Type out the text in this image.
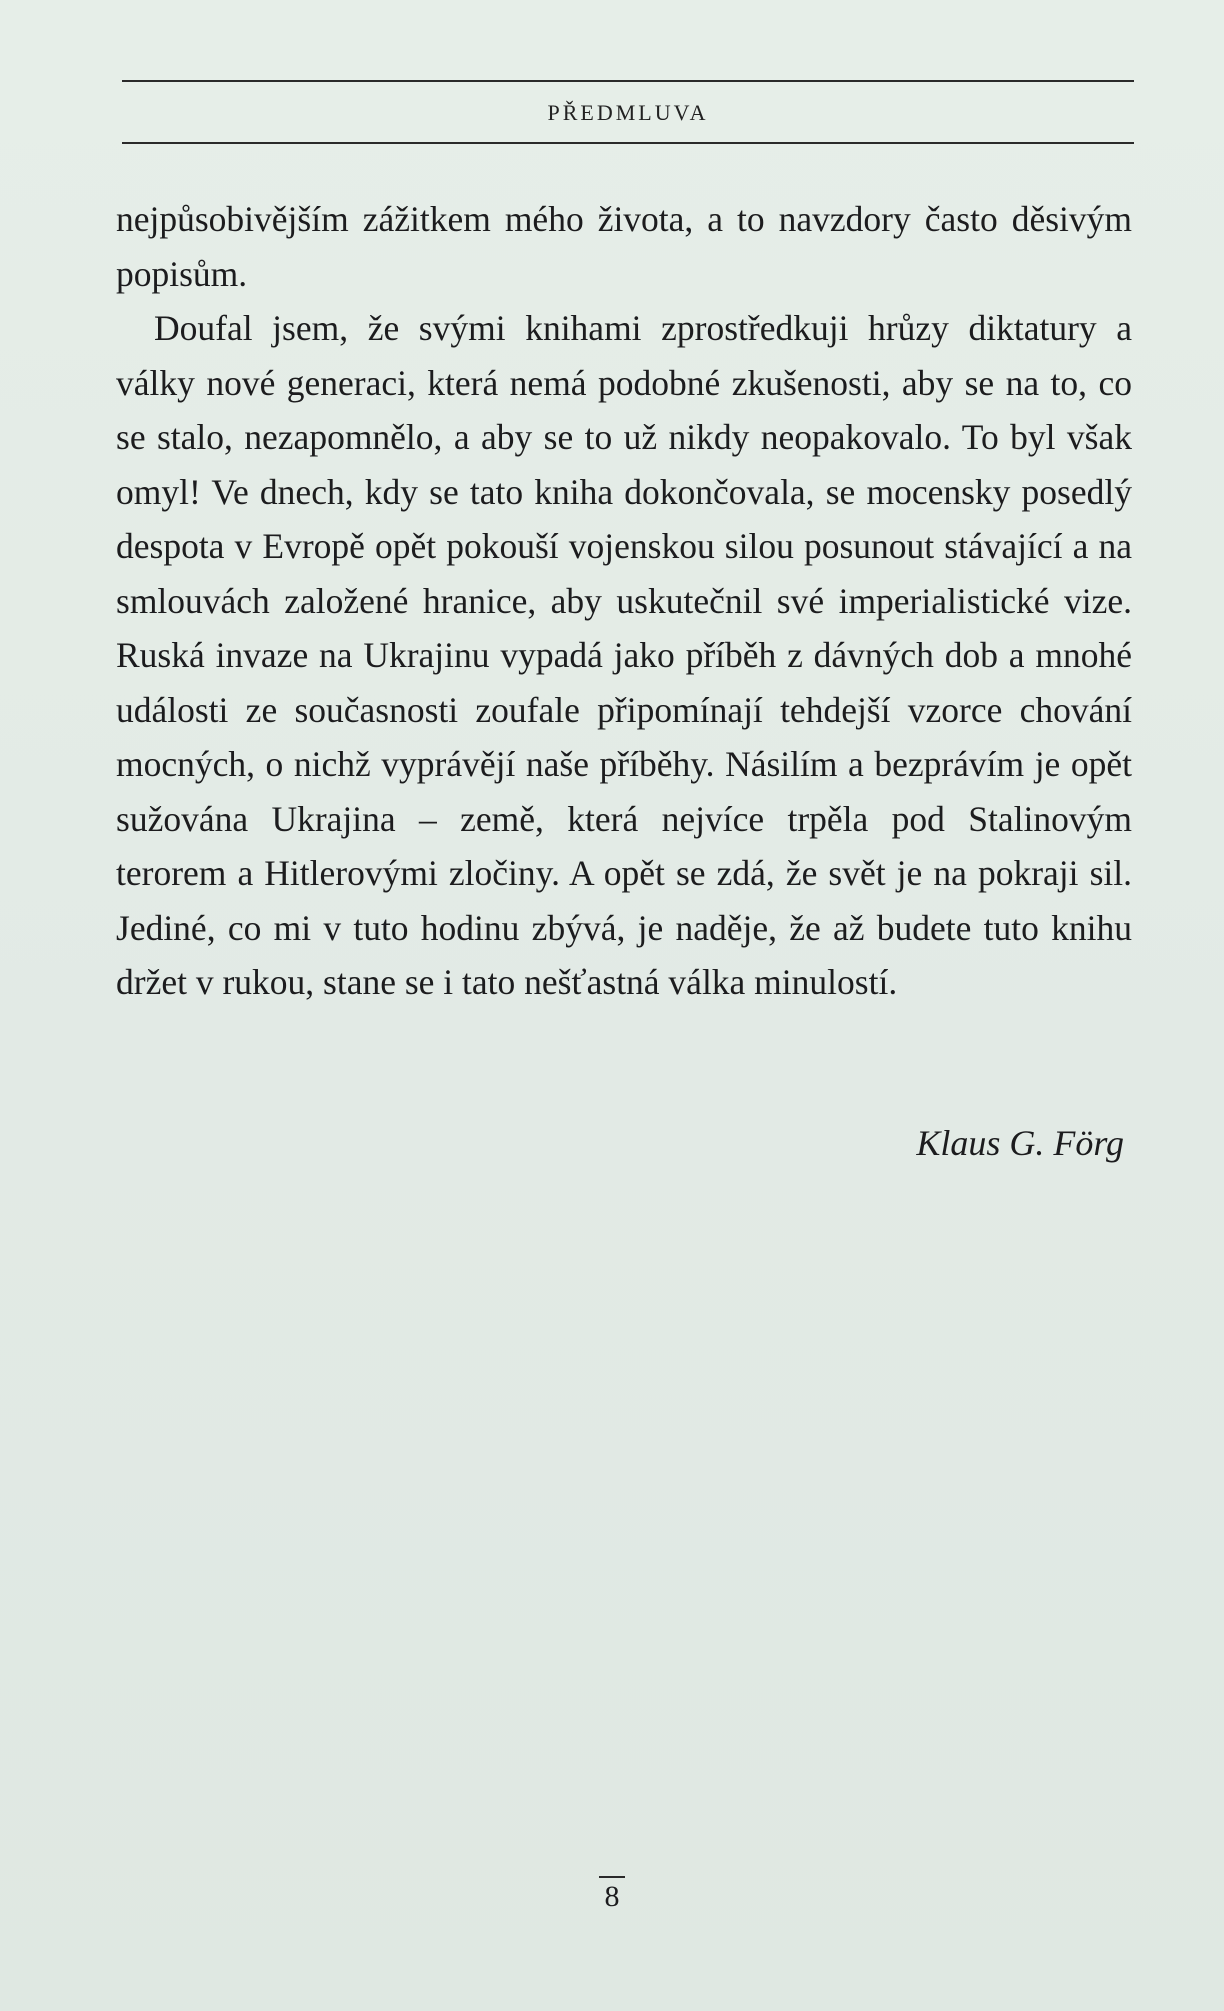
PŘEDMLUVA

nejpůsobivějším zážitkem mého života, a to navzdory často děsivým popisům.

Doufal jsem, že svými knihami zprostředkuji hrůzy diktatury a války nové generaci, která nemá podobné zkušenosti, aby se na to, co se stalo, nezapomnělo, a aby se to už nikdy neopakovalo. To byl však omyl! Ve dnech, kdy se tato kniha dokončovala, se mocensky posedlý despota v Evropě opět pokouší vojenskou silou posunout stávající a na smlouvách založené hranice, aby uskutečnil své imperialistické vize. Ruská invaze na Ukrajinu vypadá jako příběh z dávných dob a mnohé události ze současnosti zoufale připomínají tehdejší vzorce chování mocných, o nichž vyprávějí naše příběhy. Násilím a bezprávím je opět sužována Ukrajina – země, která nejvíce trpěla pod Stalinovým terorem a Hitlerovými zločiny. A opět se zdá, že svět je na pokraji sil. Jediné, co mi v tuto hodinu zbývá, je naděje, že až budete tuto knihu držet v rukou, stane se i tato nešťastná válka minulostí.

Klaus G. Förg
8
